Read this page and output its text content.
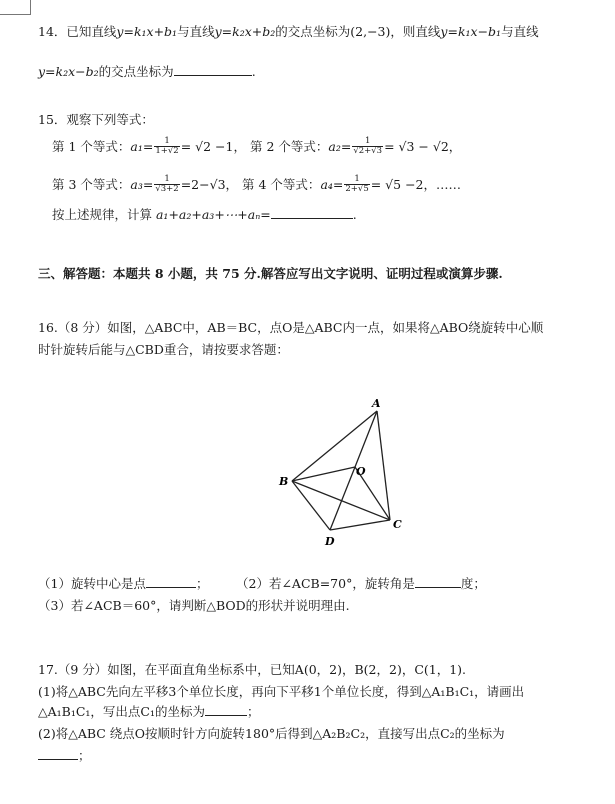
14．已知直线y=k₁x+b₁与直线y=k₂x+b₂的交点坐标为(2,−3)，则直线y=k₁x−b₁与直线
y=k₂x−b₂的交点坐标为	.
15．观察下列等式：
第 1 个等式： $a_1= \frac{1}{1+√2} = √2 -1$， 第 2 个等式： $a_2= \frac{1}{√2+√3} = √3 - √2$，
第 3 个等式： $a_3= \frac{1}{√3+2} =2-√3$， 第 4 个等式： $a_4= \frac{1}{2+√5} = √5 -2$，……
按上述规律，计算 a₁+a₂+a₃+⋯+aₙ=	.
三、解答题：本题共 8 小题，共 75 分.解答应写出文字说明、证明过程或演算步骤.
16.（8 分）如图，△ABC中，AB＝BC，点O是△ABC内一点，如果将△ABO绕旋转中心顺
时针旋转后能与△CBD重合，请按要求答题：
A
B
C
D
O
（1）旋转中心是点	； （2）若∠ACB=70°，旋转角是	度；
（3）若∠ACB＝60°，请判断△BOD的形状并说明理由.
17.（9 分）如图，在平面直角坐标系中，已知A(0，2)，B(2，2)，C(1，1).
(1)将△ABC先向左平移3个单位长度，再向下平移1个单位长度，得到△A₁B₁C₁，请画出
△A₁B₁C₁，写出点C₁的坐标为	；
(2)将△ABC 绕点O按顺时针方向旋转180°后得到△A₂B₂C₂，直接写出点C₂的坐标为
；
